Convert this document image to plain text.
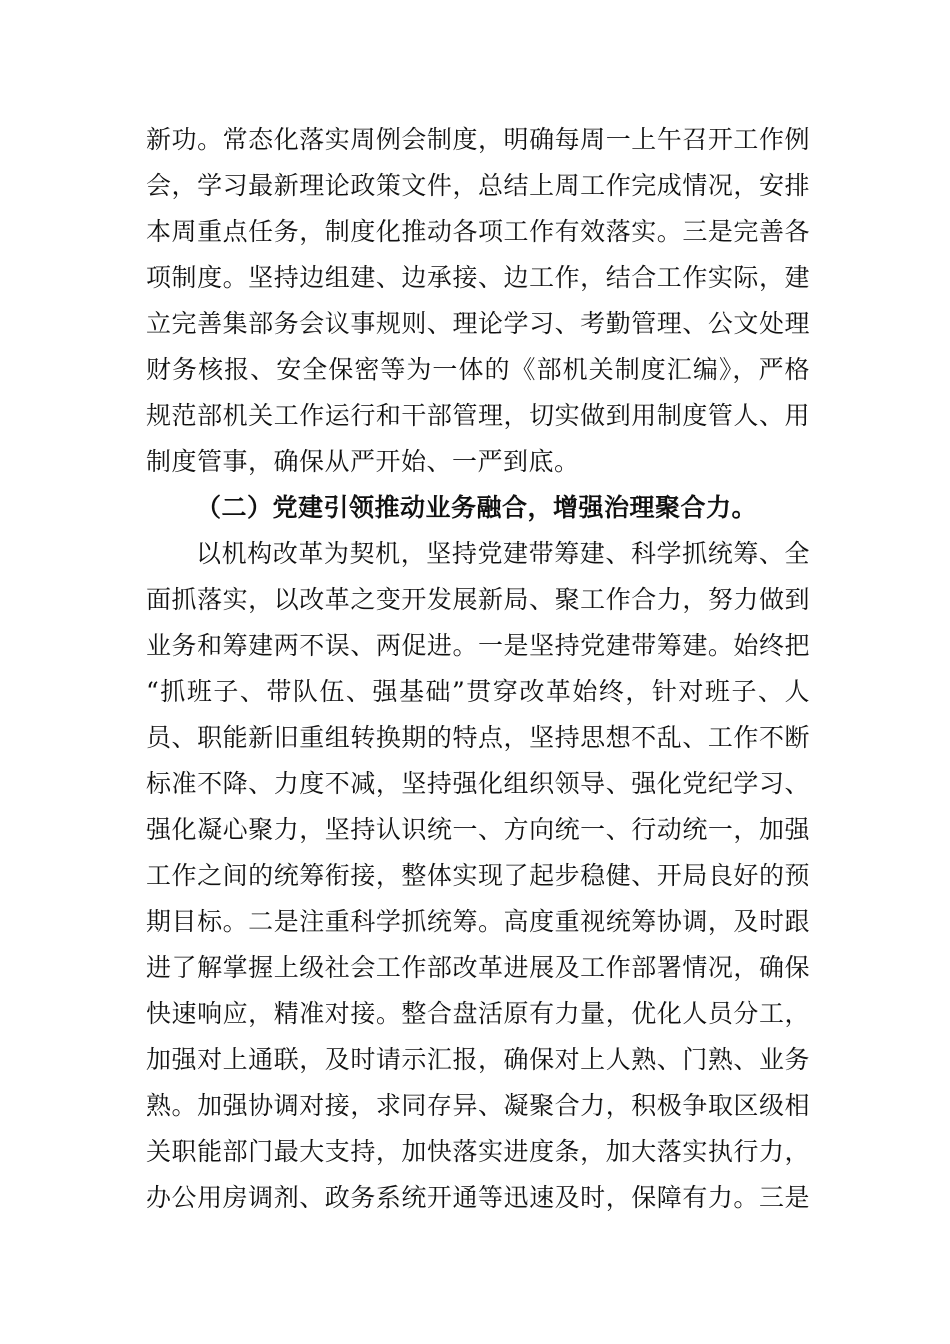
新功。常态化落实周例会制度，明确每周一上午召开工作例
会，学习最新理论政策文件，总结上周工作完成情况，安排
本周重点任务，制度化推动各项工作有效落实。三是完善各
项制度。坚持边组建、边承接、边工作，结合工作实际，建
立完善集部务会议事规则、理论学习、考勤管理、公文处理
财务核报、安全保密等为一体的《部机关制度汇编》，严格
规范部机关工作运行和干部管理，切实做到用制度管人、用
制度管事，确保从严开始、一严到底。
（二）党建引领推动业务融合，增强治理聚合力。
以机构改革为契机，坚持党建带筹建、科学抓统筹、全
面抓落实，以改革之变开发展新局、聚工作合力，努力做到
业务和筹建两不误、两促进。一是坚持党建带筹建。始终把
“抓班子、带队伍、强基础”贯穿改革始终，针对班子、人
员、职能新旧重组转换期的特点，坚持思想不乱、工作不断
标准不降、力度不减，坚持强化组织领导、强化党纪学习、
强化凝心聚力，坚持认识统一、方向统一、行动统一，加强
工作之间的统筹衔接，整体实现了起步稳健、开局良好的预
期目标。二是注重科学抓统筹。高度重视统筹协调，及时跟
进了解掌握上级社会工作部改革进展及工作部署情况，确保
快速响应，精准对接。整合盘活原有力量，优化人员分工，
加强对上通联，及时请示汇报，确保对上人熟、门熟、业务
熟。加强协调对接，求同存异、凝聚合力，积极争取区级相
关职能部门最大支持，加快落实进度条，加大落实执行力，
办公用房调剂、政务系统开通等迅速及时，保障有力。三是
